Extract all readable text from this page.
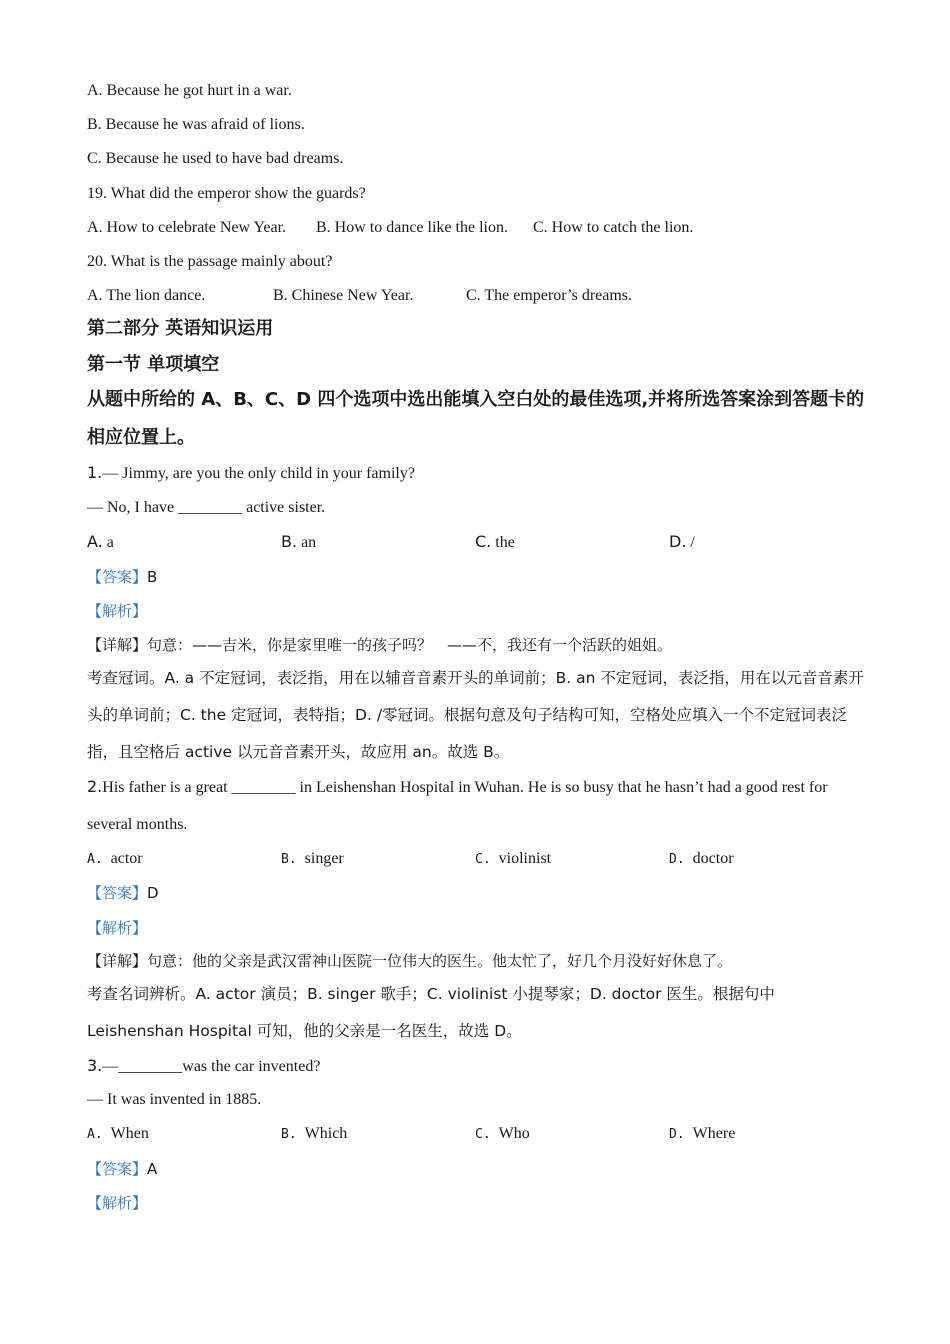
A. Because he got hurt in a war.
B. Because he was afraid of lions.
C. Because he used to have bad dreams.
19. What did the emperor show the guards?
A. How to celebrate New Year. B. How to dance like the lion. C. How to catch the lion.
20. What is the passage mainly about?
A. The lion dance.	B. Chinese New Year.	C. The emperor’s dreams.
第二部分 英语知识运用
第一节 单项填空
从题中所给的 A、B、C、D 四个选项中选出能填入空白处的最佳选项,并将所选答案涂到答题卡的相应位置上。
1.— Jimmy, are you the only child in your family?
— No, I have ________ active sister.
A. a	B. an	C. the	D. /
【答案】B
【解析】
【详解】句意：——吉米，你是家里唯一的孩子吗？　——不，我还有一个活跃的姐姐。
考查冠词。A. a 不定冠词，表泛指，用在以辅音音素开头的单词前；B. an 不定冠词，表泛指，用在以元音音素开头的单词前；C. the 定冠词，表特指；D. /零冠词。根据句意及句子结构可知，空格处应填入一个不定冠词表泛指，且空格后 active 以元音音素开头，故应用 an。故选 B。
2.His father is a great ________ in Leishenshan Hospital in Wuhan. He is so busy that he hasn’t had a good rest for several months.
A. actor	B. singer	C. violinist	D. doctor
【答案】D
【解析】
【详解】句意：他的父亲是武汉雷神山医院一位伟大的医生。他太忙了，好几个月没好好休息了。
考查名词辨析。A. actor 演员；B. singer 歌手；C. violinist 小提琴家；D. doctor 医生。根据句中 Leishenshan Hospital 可知，他的父亲是一名医生，故选 D。
3.—________was the car invented?
— It was invented in 1885.
A. When	B. Which	C. Who	D. Where
【答案】A
【解析】
